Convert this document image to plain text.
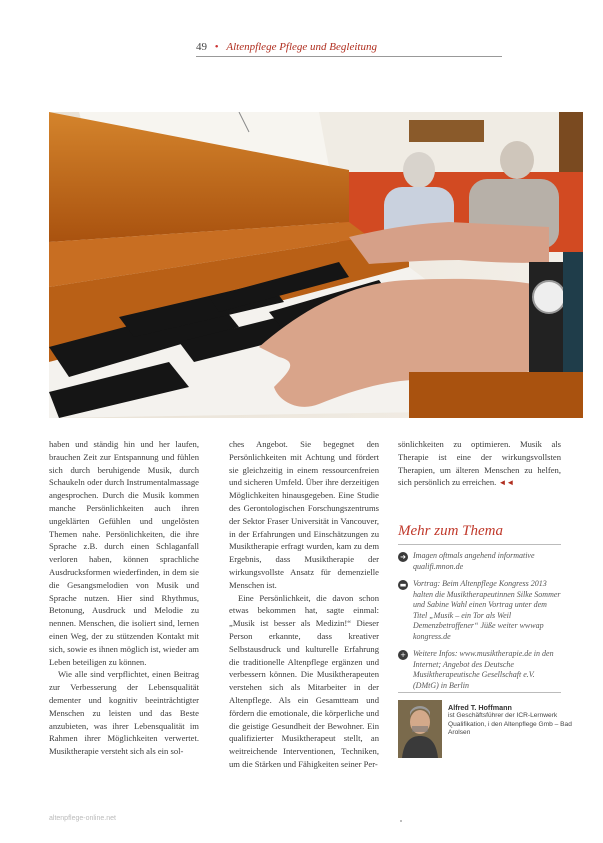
49 • Altenpflege Pflege und Begleitung

haben und ständig hin und her laufen, brauchen Zeit zur Entspannung und fühlen sich durch beruhigende Musik, durch Schaukeln oder durch Instrumentalmassage angesprochen. Durch die Musik kommen manche Persönlichkeiten auch ihren ungeklärten Gefühlen und ungelösten Themen nahe. Persönlichkeiten, die ihre Sprache z.B. durch einen Schlaganfall verloren haben, können sprachliche Ausdrucksformen wiederfinden, in dem sie die Gesangsmelodien von Musik und Sprache nutzen. Hier sind Rhythmus, Betonung, Ausdruck und Melodie zu nennen. Menschen, die isoliert sind, lernen einen Weg, der zu stützenden Kontakt mit sich, sowie es ihnen möglich ist, wieder am Leben beteiligen zu können.

Wie alle sind verpflichtet, einen Beitrag zur Verbesserung der Lebensqualität dementer und kognitiv beeinträchtigter Menschen zu leisten und das Beste anzubieten, was ihrer Lebensqualität im Rahmen ihrer Möglichkeiten verwertet. Musiktherapie versteht sich als ein sol-

ches Angebot. Sie begegnet den Persönlichkeiten mit Achtung und fördert sie gleichzeitig in einem ressourcenfreien und sicheren Umfeld. Über ihre derzeitigen Möglichkeiten hinausgegeben. Eine Studie des Gerontologischen Forschungszentrums der Sektor Fraser Universität in Vancouver, in der Erfahrungen und Einschätzungen zu Musiktherapie erfragt wurden, kam zu dem Ergebnis, dass Musiktherapie der wirkungsvollste Ansatz für demenzielle Menschen ist.

Eine Persönlichkeit, die davon schon etwas bekommen hat, sagte einmal: „Musik ist besser als Medizin!“ Dieser Person erkannte, dass kreativer Selbstausdruck und kulturelle Erfahrung die traditionelle Altenpflege ergänzen und verbessern können. Die Musiktherapeuten verstehen sich als Mitarbeiter in der Altenpflege. Als ein Gesamtteam und fördern die emotionale, die körperliche und die geistige Gesundheit der Bewohner. Ein qualifizierter Musiktherapeut stellt, an weitreichende Interventionen, Techniken, um die Stärken und Fähigkeiten seiner Per-

sönlichkeiten zu optimieren. Musik als Therapie ist eine der wirkungsvollsten Therapien, um älteren Menschen zu helfen, sich persönlich zu erreichen. ◄◄

Mehr zum Thema
➜ Imagen oftmals angehend informative qualifi.mnon.de
▬ Vortrag: Beim Altenpflege Kongress 2013 halten die Musiktherapeutinnen Silke Sommer und Sabine Wahl einen Vortrag unter dem Titel „Musik – ein Tor als Weil Demenzbetroffener“ Jüße weiter wwwap kongress.de
+ Weitere Infos: www.musiktherapie.de in den Internet; Angebot des Deutsche Musiktherapeutische Gesellschaft e.V. (DMtG) in Berlin
Alfred T. Hoffmann
ist Geschäftsführer der ICR-Lernwerk Qualifikation, i den Altenpflege Gmb – Bad Arolsen
altenpflege-online.net
